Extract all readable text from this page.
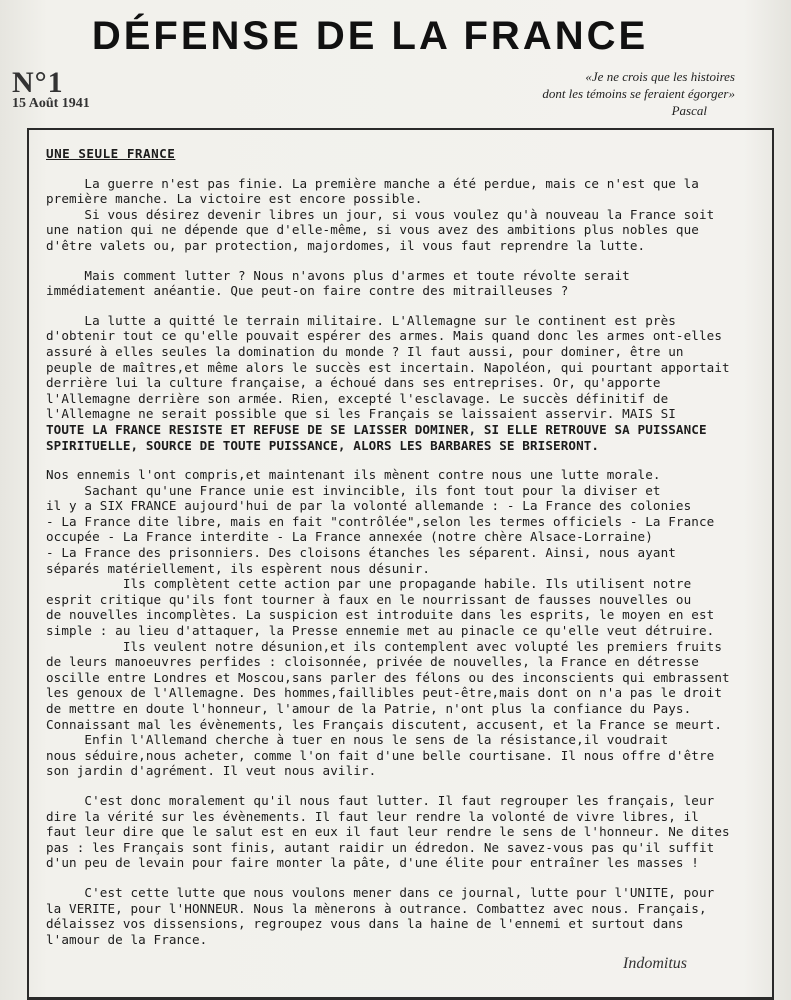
DÉFENSE DE LA FRANCE
N°1
15 Août 1941
«Je ne crois que les histoires
dont les témoins se feraient égorger»
Pascal
UNE SEULE FRANCE
La guerre n'est pas finie. La première manche a été perdue, mais ce n'est que la
première manche. La victoire est encore possible.
Si vous désirez devenir libres un jour, si vous voulez qu'à nouveau la France soit
une nation qui ne dépende que d'elle-même, si vous avez des ambitions plus nobles que
d'être valets ou, par protection, majordomes, il vous faut reprendre la lutte.
Mais comment lutter ? Nous n'avons plus d'armes et toute révolte serait
immédiatement anéantie. Que peut-on faire contre des mitrailleuses ?
La lutte a quitté le terrain militaire. L'Allemagne sur le continent est près
d'obtenir tout ce qu'elle pouvait espérer des armes. Mais quand donc les armes ont-elles
assuré à elles seules la domination du monde ? Il faut aussi, pour dominer, être un
peuple de maîtres,et même alors le succès est incertain. Napoléon, qui pourtant apportait
derrière lui la culture française, a échoué dans ses entreprises. Or, qu'apporte
l'Allemagne derrière son armée. Rien, excepté l'esclavage. Le succès définitif de
l'Allemagne ne serait possible que si les Français se laissaient asservir. MAIS SI
TOUTE LA FRANCE RESISTE ET REFUSE DE SE LAISSER DOMINER, SI ELLE RETROUVE SA PUISSANCE
SPIRITUELLE, SOURCE DE TOUTE PUISSANCE, ALORS LES BARBARES SE BRISERONT.
Nos ennemis l'ont compris,et maintenant ils mènent contre nous une lutte morale.
Sachant qu'une France unie est invincible, ils font tout pour la diviser et
il y a SIX FRANCE aujourd'hui de par la volonté allemande : - La France des colonies
- La France dite libre, mais en fait "contrôlée",selon les termes officiels - La France
occupée - La France interdite - La France annexée (notre chère Alsace-Lorraine)
- La France des prisonniers. Des cloisons étanches les séparent. Ainsi, nous ayant
séparés matériellement, ils espèrent nous désunir.
Ils complètent cette action par une propagande habile. Ils utilisent notre
esprit critique qu'ils font tourner à faux en le nourrissant de fausses nouvelles ou
de nouvelles incomplètes. La suspicion est introduite dans les esprits, le moyen en est
simple : au lieu d'attaquer, la Presse ennemie met au pinacle ce qu'elle veut détruire.
Ils veulent notre désunion,et ils contemplent avec volupté les premiers fruits
de leurs manoeuvres perfides : cloisonnée, privée de nouvelles, la France en détresse
oscille entre Londres et Moscou,sans parler des félons ou des inconscients qui embrassent
les genoux de l'Allemagne. Des hommes,faillibles peut-être,mais dont on n'a pas le droit
de mettre en doute l'honneur, l'amour de la Patrie, n'ont plus la confiance du Pays.
Connaissant mal les évènements, les Français discutent, accusent, et la France se meurt.
Enfin l'Allemand cherche à tuer en nous le sens de la résistance,il voudrait
nous séduire,nous acheter, comme l'on fait d'une belle courtisane. Il nous offre d'être
son jardin d'agrément. Il veut nous avilir.
C'est donc moralement qu'il nous faut lutter. Il faut regrouper les français, leur
dire la vérité sur les évènements. Il faut leur rendre la volonté de vivre libres, il
faut leur dire que le salut est en eux il faut leur rendre le sens de l'honneur. Ne dites
pas : les Français sont finis, autant raidir un édredon. Ne savez-vous pas qu'il suffit
d'un peu de levain pour faire monter la pâte, d'une élite pour entraîner les masses !
C'est cette lutte que nous voulons mener dans ce journal, lutte pour l'UNITE, pour
la VERITE, pour l'HONNEUR. Nous la mènerons à outrance. Combattez avec nous. Français,
délaissez vos dissensions, regroupez vous dans la haine de l'ennemi et surtout dans
l'amour de la France.
Indomitus
